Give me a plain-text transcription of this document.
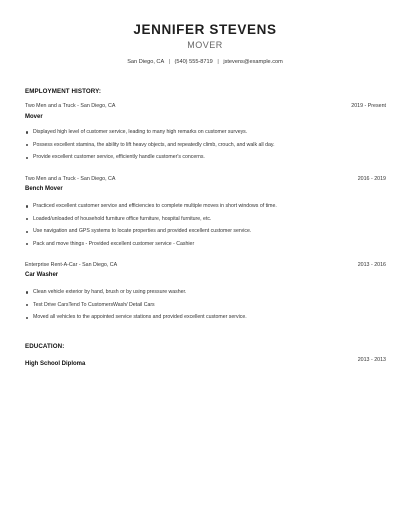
JENNIFER STEVENS
MOVER
San Diego, CA | (540) 555-8719 | jstevens@example.com
EMPLOYMENT HISTORY:
Two Men and a Truck - San Diego, CA	2019 - Present
Mover
Displayed high level of customer service, leading to many high remarks on customer surveys.
Possess excellent stamina, the ability to lift heavy objects, and repeatedly climb, crouch, and walk all day.
Provide excellent customer service, efficiently handle customer's concerns.
Two Men and a Truck - San Diego, CA	2016 - 2019
Bench Mover
Practiced excellent customer service and efficiencies to complete multiple moves in short windows of time.
Loaded/unloaded of household furniture office furniture, hospital furniture, etc.
Use navigation and GPS systems to locate properties and provided excellent customer service.
Pack and move things - Provided excellent customer service - Cashier
Enterprise Rent-A-Car - San Diego, CA	2013 - 2016
Car Washer
Clean vehicle exterior by hand, brush or by using pressure washer.
Test Drive CarsTend To CustomersWash/ Detail Cars
Moved all vehicles to the appointed service stations and provided excellent customer service.
EDUCATION:
2013 - 2013
High School Diploma
